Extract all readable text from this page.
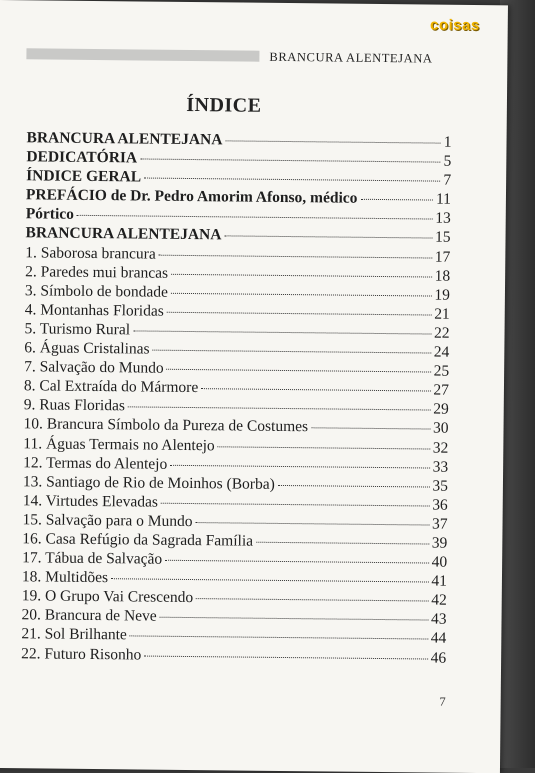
coisas
BRANCURA ALENTEJANA
ÍNDICE
BRANCURA ALENTEJANA	1
DEDICATÓRIA	5
ÍNDICE GERAL	7
PREFÁCIO de Dr. Pedro Amorim Afonso, médico	11
Pórtico	13
BRANCURA ALENTEJANA	15
1. Saborosa brancura	17
2. Paredes mui brancas	18
3. Símbolo de bondade	19
4. Montanhas Floridas	21
5. Turismo Rural	22
6. Águas Cristalinas	24
7. Salvação do Mundo	25
8. Cal Extraída do Mármore	27
9. Ruas Floridas	29
10. Brancura Símbolo da Pureza de Costumes	30
11. Águas Termais no Alentejo	32
12. Termas do Alentejo	33
13. Santiago de Rio de Moinhos (Borba)	35
14. Virtudes Elevadas	36
15. Salvação para o Mundo	37
16. Casa Refúgio da Sagrada Família	39
17. Tábua de Salvação	40
18. Multidões	41
19. O Grupo Vai Crescendo	42
20. Brancura de Neve	43
21. Sol Brilhante	44
22. Futuro Risonho	46
7
